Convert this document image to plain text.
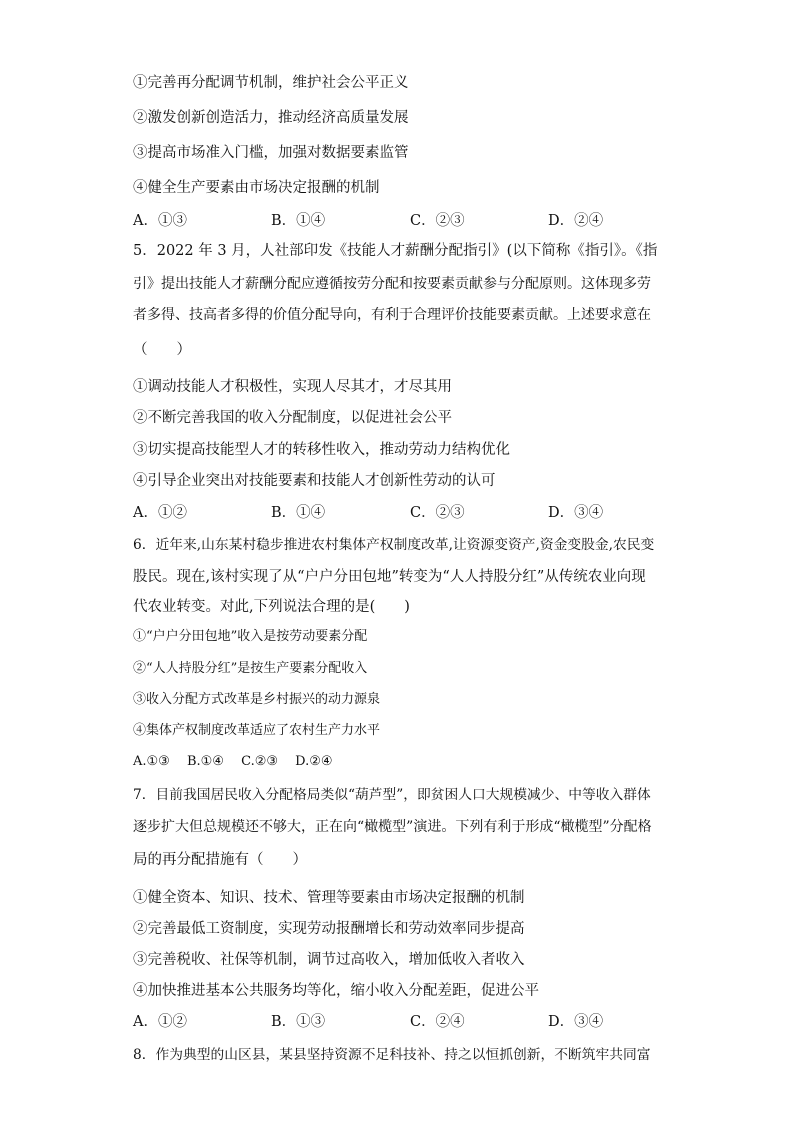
①完善再分配调节机制，维护社会公平正义
②激发创新创造活力，推动经济高质量发展
③提高市场准入门槛，加强对数据要素监管
④健全生产要素由市场决定报酬的机制
A．①③	B．①④	C．②③	D．②④
5．2022 年 3 月，人社部印发《技能人才薪酬分配指引》(以下简称《指引》。《指
引》提出技能人才薪酬分配应遵循按劳分配和按要素贡献参与分配原则。这体现多劳
者多得、技高者多得的价值分配导向，有利于合理评价技能要素贡献。上述要求意在
（　　）
①调动技能人才积极性，实现人尽其才，才尽其用
②不断完善我国的收入分配制度，以促进社会公平
③切实提高技能型人才的转移性收入，推动劳动力结构优化
④引导企业突出对技能要素和技能人才创新性劳动的认可
A．①②	B．①④	C．②③	D．③④
6．近年来,山东某村稳步推进农村集体产权制度改革,让资源变资产,资金变股金,农民变
股民。现在,该村实现了从“户户分田包地”转变为“人人持股分红”从传统农业向现
代农业转变。对此,下列说法合理的是(　　)
①“户户分田包地”收入是按劳动要素分配
②“人人持股分红”是按生产要素分配收入
③收入分配方式改革是乡村振兴的动力源泉
④集体产权制度改革适应了农村生产力水平
A.①③　 B.①④　 C.②③　 D.②④
7．目前我国居民收入分配格局类似“葫芦型”，即贫困人口大规模减少、中等收入群体
逐步扩大但总规模还不够大，正在向“橄榄型”演进。下列有利于形成“橄榄型”分配格
局的再分配措施有（　　）
①健全资本、知识、技术、管理等要素由市场决定报酬的机制
②完善最低工资制度，实现劳动报酬增长和劳动效率同步提高
③完善税收、社保等机制，调节过高收入，增加低收入者收入
④加快推进基本公共服务均等化，缩小收入分配差距，促进公平
A．①②	B．①③	C．②④	D．③④
8．作为典型的山区县，某县坚持资源不足科技补、持之以恒抓创新，不断筑牢共同富
